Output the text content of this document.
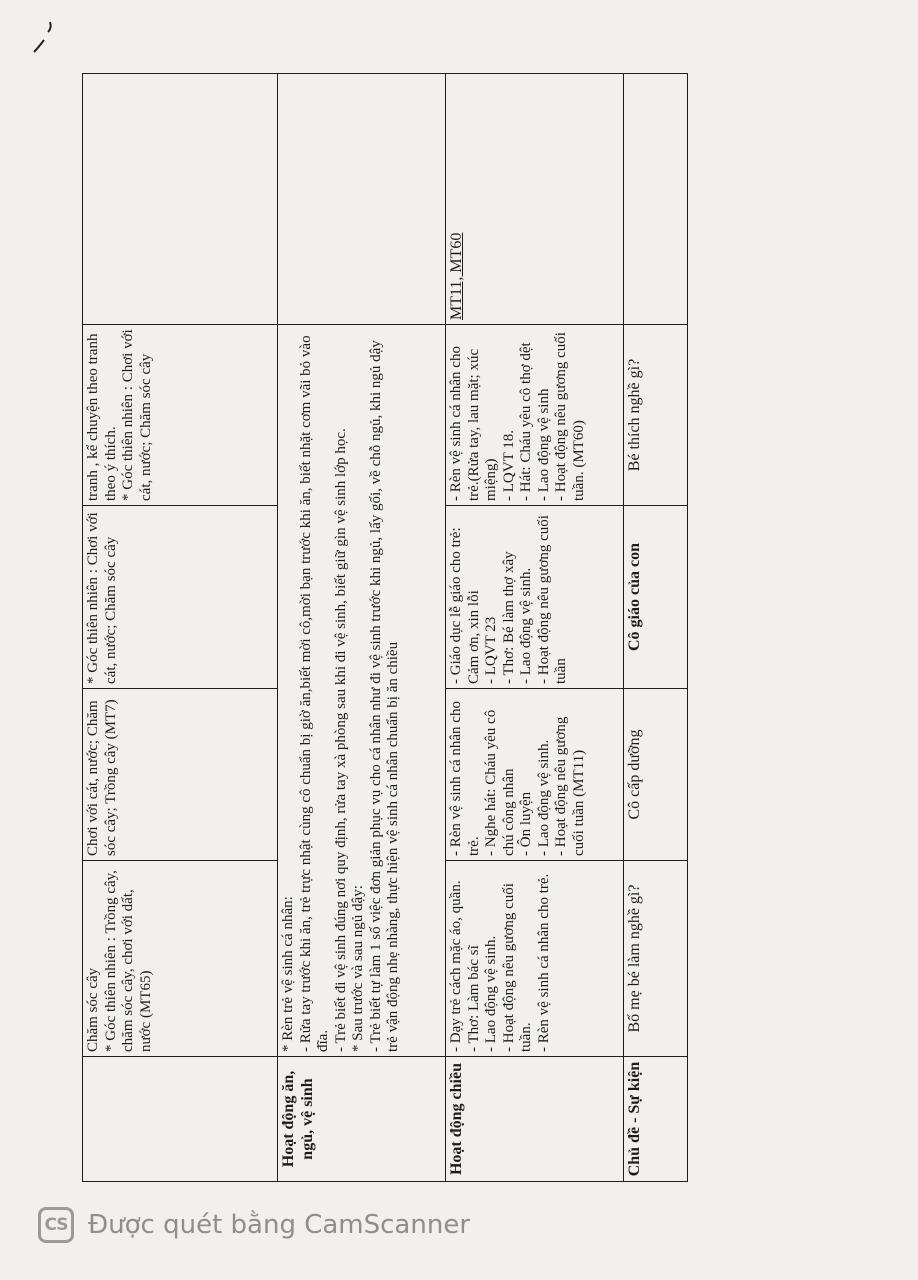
	Chăm sóc cây * Góc thiên nhiên : Trồng cây, chăm sóc cây, chơi với dất, nước (MT65)	Chơi với cát, nước; Chăm sóc cây; Trồng cây (MT7)	* Góc thiên nhiên : Chơi với cát, nước; Chăm sóc cây	tranh , kể chuyện theo tranh theo ý thích. * Góc thiên nhiên : Chơi với cát, nước; Chăm sóc cây	

Hoạt động ăn, ngủ, vệ sinh	* Rèn trẻ vệ sinh cá nhân: - Rửa tay trước khi ăn, trẻ trực nhật cùng cô chuẩn bị giờ ăn,biết mời cô,mời bạn trước khi ăn, biết nhặt cơm vãi bỏ vào đĩa. - Trẻ biết đi vệ sinh đúng nơi quy định, rửa tay xà phòng sau khi đi vệ sinh, biết giữ gìn vệ sinh lớp học. * Sau trước và sau ngủ dậy: - Trẻ biết tự làm 1 số việc đơn giản phục vụ cho cá nhân như đi vệ sinh trước khi ngủ, lấy gối, về chỗ ngủ, khi ngủ dậy trẻ vận động nhẹ nhàng, thực hiện vệ sinh cá nhân chuẩn bị ăn chiều				

Hoạt động chiều	- Dạy trẻ cách mặc áo, quần. - Thơ: Làm bác sĩ - Lao động vệ sinh. - Hoạt động nêu gương cuối tuần. - Rèn vệ sinh cá nhân cho trẻ.	- Rèn vệ sinh cá nhân cho trẻ. - Nghe hát: Cháu yêu cô chú công nhân - Ôn luyện - Lao động vệ sinh. - Hoạt động nêu gương cuối tuần (MT11)	- Giáo dục lễ giáo cho trẻ: Cảm ơn, xin lỗi - LQVT 23 - Thơ: Bé làm thợ xây - Lao động vệ sinh. - Hoạt động nêu gương cuối tuần	- Rèn vệ sinh cá nhân cho trẻ.(Rửa tay, lau mặt; xúc miệng) - LQVT 18. - Hát: Cháu yêu cô thợ dệt - Lao động vệ sinh - Hoạt động nêu gương cuối tuần. (MT60)	MT11, MT60
Chủ đề - Sự kiện	Bố mẹ bé làm nghề gì?	Cô cấp dưỡng	Cô giáo của con	Bé thích nghề gì?	
CS Được quét bằng CamScanner
